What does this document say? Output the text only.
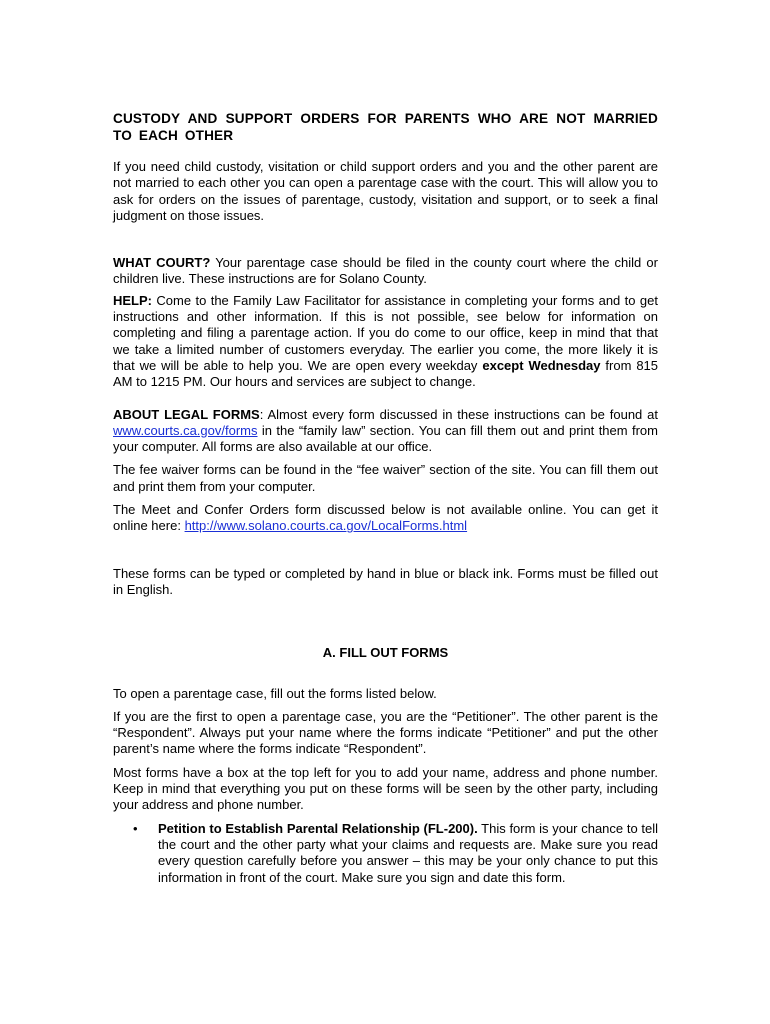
CUSTODY AND SUPPORT ORDERS FOR PARENTS WHO ARE NOT MARRIED TO EACH OTHER

If you need child custody, visitation or child support orders and you and the other parent are not married to each other you can open a parentage case with the court. This will allow you to ask for orders on the issues of parentage, custody, visitation and support, or to seek a final judgment on those issues.

WHAT COURT? Your parentage case should be filed in the county court where the child or children live. These instructions are for Solano County.

HELP: Come to the Family Law Facilitator for assistance in completing your forms and to get instructions and other information. If this is not possible, see below for information on completing and filing a parentage action. If you do come to our office, keep in mind that that we take a limited number of customers everyday. The earlier you come, the more likely it is that we will be able to help you. We are open every weekday except Wednesday from 815 AM to 1215 PM. Our hours and services are subject to change.

ABOUT LEGAL FORMS: Almost every form discussed in these instructions can be found at www.courts.ca.gov/forms in the “family law” section. You can fill them out and print them from your computer. All forms are also available at our office.

The fee waiver forms can be found in the “fee waiver” section of the site. You can fill them out and print them from your computer.

The Meet and Confer Orders form discussed below is not available online. You can get it online here: http://www.solano.courts.ca.gov/LocalForms.html

These forms can be typed or completed by hand in blue or black ink. Forms must be filled out in English.

A. FILL OUT FORMS

To open a parentage case, fill out the forms listed below.

If you are the first to open a parentage case, you are the “Petitioner”. The other parent is the “Respondent”. Always put your name where the forms indicate “Petitioner” and put the other parent’s name where the forms indicate “Respondent”.

Most forms have a box at the top left for you to add your name, address and phone number. Keep in mind that everything you put on these forms will be seen by the other party, including your address and phone number.

• Petition to Establish Parental Relationship (FL-200). This form is your chance to tell the court and the other party what your claims and requests are. Make sure you read every question carefully before you answer – this may be your only chance to put this information in front of the court. Make sure you sign and date this form.
